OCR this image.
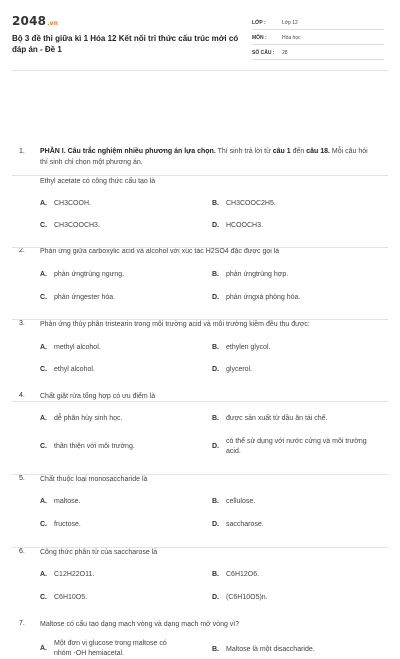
2048.vn
Bộ 3 đề thi giữa kì 1 Hóa 12 Kết nối tri thức cấu trúc mới có đáp án - Đề 1
LỚP :	Lớp 12
MÔN :	Hóa học
SỐ CÂU :	28
1. PHẦN I. Câu trắc nghiệm nhiều phương án lựa chọn. Thí sinh trả lời từ câu 1 đến câu 18. Mỗi câu hỏi thí sinh chỉ chọn một phương án.
Ethyl acetate có công thức cấu tạo là
A.	CH3COOH.	B.	CH3COOC2H5.
C.	CH3COOCH3.	D.	HCOOCH3.
2. Phản ứng giữa carboxylic acid và alcohol với xúc tác H2SO4 đặc được gọi là
A.	phản ứngtrùng ngưng.	B.	phản ứngtrùng hợp.
C.	phản ứngester hóa.	D.	phản ứngxà phòng hóa.
3. Phản ứng thủy phân tristearin trong môi trường acid và môi trường kiềm đều thu được:
A.	methyl alcohol.	B.	ethylen glycol.
C.	ethyl alcohol.	D.	glycerol.
4. Chất giặt rửa tổng hợp có ưu điểm là
A.	dễ phân hủy sinh học.	B.	được sản xuất từ dầu ăn tái chế.
C.	thân thiện với môi trường.	D.
có thể sử dụng với nước cứng và môi trường acid.
5. Chất thuộc loại monosaccharide là
A.	maltose.	B.	cellulose.
C.	fructose.	D.	saccharose.
6. Công thức phân tử của saccharose là
A.	C12H22O11.	B.	C6H12O6.
C.	C6H10O5.	D.	(C6H10O5)n.
7. Maltose có cấu tạo dạng mạch vòng và dạng mạch mở vòng vì?
A.
Một đơn vị glucose trong maltose có nhóm -OH hemiacetal.
B.	Maltose là một disaccharide.
